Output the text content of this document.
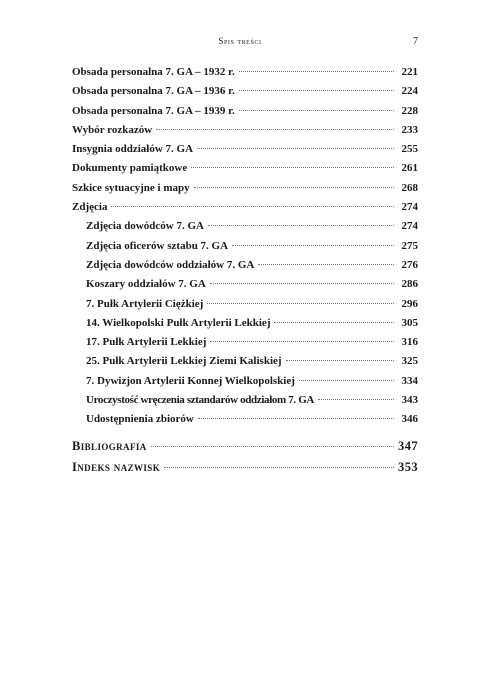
Spis treści	7
Obsada personalna 7. GA – 1932 r.	221
Obsada personalna 7. GA – 1936 r.	224
Obsada personalna 7. GA – 1939 r.	228
Wybór rozkazów	233
Insygnia oddziałów 7. GA	255
Dokumenty pamiątkowe	261
Szkice sytuacyjne i mapy	268
Zdjęcia	274
Zdjęcia dowódców 7. GA	274
Zdjęcia oficerów sztabu 7. GA	275
Zdjęcia dowódców oddziałów 7. GA	276
Koszary oddziałów 7. GA	286
7. Pułk Artylerii Ciężkiej	296
14. Wielkopolski Pułk Artylerii Lekkiej	305
17. Pułk Artylerii Lekkiej	316
25. Pułk Artylerii Lekkiej Ziemi Kaliskiej	325
7. Dywizjon Artylerii Konnej Wielkopolskiej	334
Uroczystość wręczenia sztandarów oddziałom 7. GA	343
Udostępnienia zbiorów	346
Bibliografia	347
Indeks nazwisk	353
